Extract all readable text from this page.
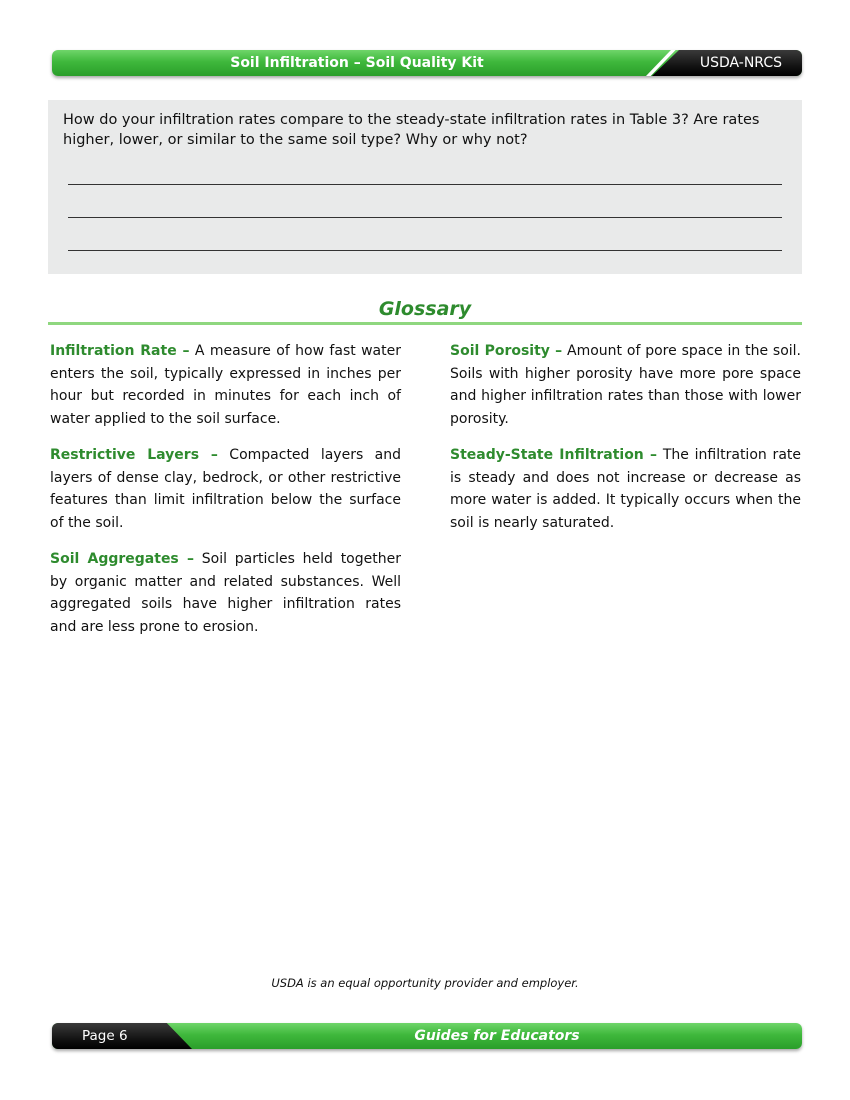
Soil Infiltration – Soil Quality Kit	USDA-NRCS
How do your infiltration rates compare to the steady-state infiltration rates in Table 3? Are rates higher, lower, or similar to the same soil type? Why or why not?
Glossary

Infiltration Rate – A measure of how fast water enters the soil, typically expressed in inches per hour but recorded in minutes for each inch of water applied to the soil surface.

Restrictive Layers – Compacted layers and layers of dense clay, bedrock, or other restrictive features than limit infiltration below the surface of the soil.

Soil Aggregates – Soil particles held together by organic matter and related substances. Well aggregated soils have higher infiltration rates and are less prone to erosion.

Soil Porosity – Amount of pore space in the soil. Soils with higher porosity have more pore space and higher infiltration rates than those with lower porosity.

Steady-State Infiltration – The infiltration rate is steady and does not increase or decrease as more water is added. It typically occurs when the soil is nearly saturated.

USDA is an equal opportunity provider and employer.
Page 6	Guides for Educators
